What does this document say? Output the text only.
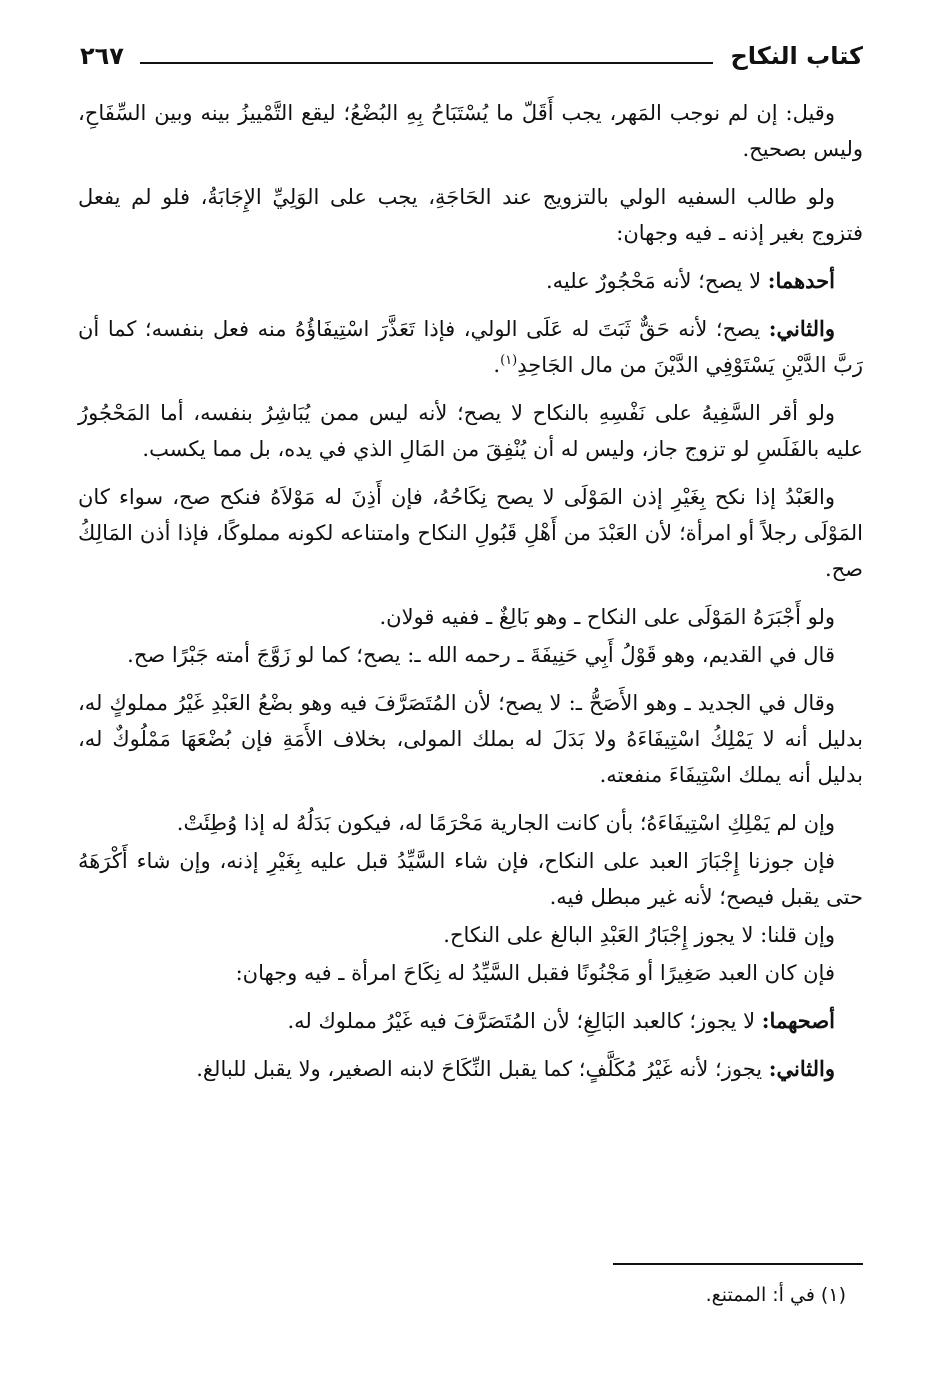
كتاب النكاح
٢٦٧

وقيل: إن لم نوجب المَهر، يجب أَقَلّ ما يُسْتَبَاحُ بِهِ البُضْعُ؛ ليقع التَّمْييزُ بينه وبين السِّفَاحِ، وليس بصحيح.

ولو طالب السفيه الولي بالتزويج عند الحَاجَةِ، يجب على الوَلِيِّ الإِجَابَةُ، فلو لم يفعل فتزوج بغير إذنه ـ فيه وجهان:

أحدهما: لا يصح؛ لأنه مَحْجُورٌ عليه.

والثاني: يصح؛ لأنه حَقٌّ ثَبَتَ له عَلَى الولي، فإذا تَعَذَّرَ اسْتِيفَاؤُهُ منه فعل بنفسه؛ كما أن رَبَّ الدَّيْنِ يَسْتَوْفِي الدَّيْنَ من مال الجَاحِدِ$^{(١)}$.

ولو أقر السَّفِيهُ على نَفْسِهِ بالنكاح لا يصح؛ لأنه ليس ممن يُبَاشِرُ بنفسه، أما المَحْجُورُ عليه بالفَلَسِ لو تزوج جاز، وليس له أن يُنْفِقَ من المَالِ الذي في يده، بل مما يكسب.

والعَبْدُ إذا نكح بِغَيْرِ إذن المَوْلَى لا يصح نِكَاحُهُ، فإن أَذِنَ له مَوْلاَهُ فنكح صح، سواء كان المَوْلَى رجلاً أو امرأة؛ لأن العَبْدَ من أَهْلِ قَبُولِ النكاح وامتناعه لكونه مملوكًا، فإذا أذن المَالِكُ صح.

ولو أَجْبَرَهُ المَوْلَى على النكاح ـ وهو بَالِغٌ ـ ففيه قولان.

قال في القديم، وهو قَوْلُ أَبِي حَنِيفَةَ ـ رحمه الله ـ: يصح؛ كما لو زَوَّجَ أمته جَبْرًا صح.

وقال في الجديد ـ وهو الأَصَحُّ ـ: لا يصح؛ لأن المُتَصَرَّفَ فيه وهو بضْعُ العَبْدِ غَيْرُ مملوكٍ له، بدليل أنه لا يَمْلِكُ اسْتِيفَاءَهُ ولا بَدَلَ له بملك المولى، بخلاف الأَمَةِ فإن بُضْعَهَا مَمْلُوكٌ له، بدليل أنه يملك اسْتِيفَاءَ منفعته.

وإن لم يَمْلِكِ اسْتِيفَاءَهُ؛ بأن كانت الجارية مَحْرَمًا له، فيكون بَدَلُهُ له إذا وُطِئَتْ.

فإن جوزنا إِجْبَارَ العبد على النكاح، فإن شاء السَّيِّدُ قبل عليه بِغَيْرِ إذنه، وإن شاء أَكْرَهَهُ حتى يقبل فيصح؛ لأنه غير مبطل فيه.

وإن قلنا: لا يجوز إِجْبَارُ العَبْدِ البالغ على النكاح.

فإن كان العبد صَغِيرًا أو مَجْنُونًا فقبل السَّيِّدُ له نِكَاحَ امرأة ـ فيه وجهان:

أصحهما: لا يجوز؛ كالعبد البَالِغِ؛ لأن المُتَصَرَّفَ فيه غَيْرُ مملوك له.

والثاني: يجوز؛ لأنه غَيْرُ مُكَلَّفٍ؛ كما يقبل النِّكَاحَ لابنه الصغير، ولا يقبل للبالغ.

(١) في أ: الممتنع.
